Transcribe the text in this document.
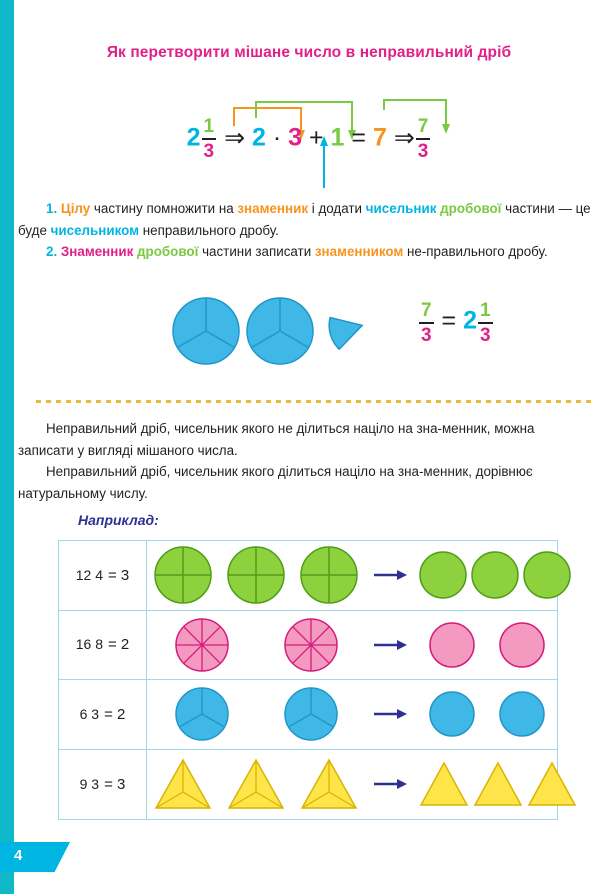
Як перетворити мішане число в неправильний дріб
$2 \frac{1}{3}$ ⇒ 2 · 3 + 1 = 7 ⇒ $\frac{7}{3}$

1. Цілу частину помножити на знаменник і додати чисельник дробової частини — це буде чисельником неправильного дробу.

2. Знаменник дробової частини записати знаменником не-правильного дробу.

$\frac{7}{3} = 2 \frac{1}{3}$

Неправильний дріб, чисельник якого не ділиться націло на зна-менник, можна записати у вигляді мішаного числа.

Неправильний дріб, чисельник якого ділиться націло на зна-менник, дорівнює натуральному числу.

Наприклад:
12 4 = 3
16 8 = 2
6 3 = 2
9 3 = 3
4
